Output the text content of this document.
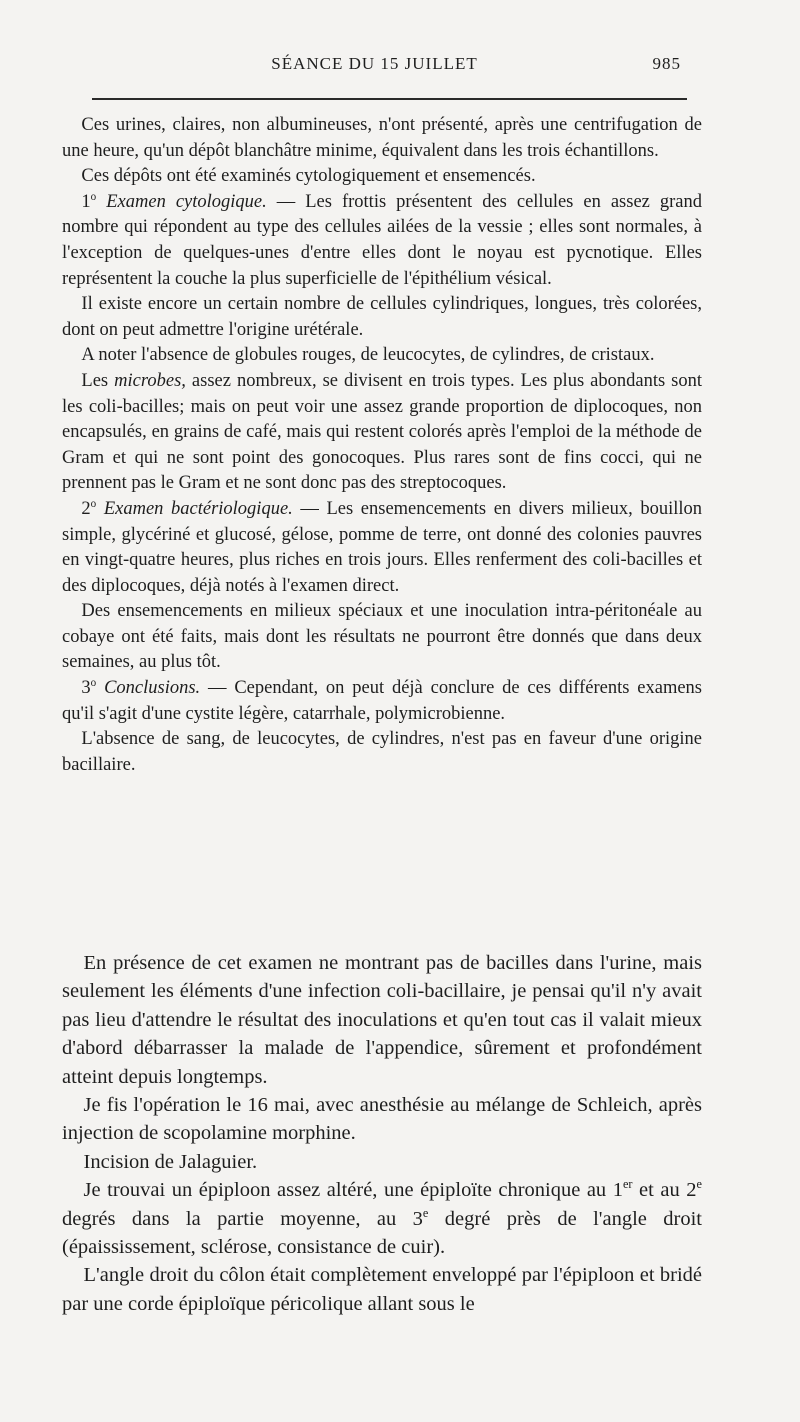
SÉANCE DU 15 JUILLET	985

Ces urines, claires, non albumineuses, n'ont présenté, après une centrifugation de une heure, qu'un dépôt blanchâtre minime, équivalent dans les trois échantillons.

Ces dépôts ont été examinés cytologiquement et ensemencés.

1$^o$ Examen cytologique. — Les frottis présentent des cellules en assez grand nombre qui répondent au type des cellules ailées de la vessie ; elles sont normales, à l'exception de quelques-unes d'entre elles dont le noyau est pycnotique. Elles représentent la couche la plus superficielle de l'épithélium vésical.

Il existe encore un certain nombre de cellules cylindriques, longues, très colorées, dont on peut admettre l'origine urétérale.

A noter l'absence de globules rouges, de leucocytes, de cylindres, de cristaux.

Les microbes, assez nombreux, se divisent en trois types. Les plus abondants sont les coli-bacilles; mais on peut voir une assez grande proportion de diplocoques, non encapsulés, en grains de café, mais qui restent colorés après l'emploi de la méthode de Gram et qui ne sont point des gonocoques. Plus rares sont de fins cocci, qui ne prennent pas le Gram et ne sont donc pas des streptocoques.

2$^o$ Examen bactériologique. — Les ensemencements en divers milieux, bouillon simple, glycériné et glucosé, gélose, pomme de terre, ont donné des colonies pauvres en vingt-quatre heures, plus riches en trois jours. Elles renferment des coli-bacilles et des diplocoques, déjà notés à l'examen direct.

Des ensemencements en milieux spéciaux et une inoculation intra-péritonéale au cobaye ont été faits, mais dont les résultats ne pourront être donnés que dans deux semaines, au plus tôt.

3$^o$ Conclusions. — Cependant, on peut déjà conclure de ces différents examens qu'il s'agit d'une cystite légère, catarrhale, polymicrobienne.

L'absence de sang, de leucocytes, de cylindres, n'est pas en faveur d'une origine bacillaire.

En présence de cet examen ne montrant pas de bacilles dans l'urine, mais seulement les éléments d'une infection coli-bacillaire, je pensai qu'il n'y avait pas lieu d'attendre le résultat des inoculations et qu'en tout cas il valait mieux d'abord débarrasser la malade de l'appendice, sûrement et profondément atteint depuis longtemps.

Je fis l'opération le 16 mai, avec anesthésie au mélange de Schleich, après injection de scopolamine morphine.

Incision de Jalaguier.

Je trouvai un épiploon assez altéré, une épiploïte chronique au 1er et au 2e degrés dans la partie moyenne, au 3e degré près de l'angle droit (épaississement, sclérose, consistance de cuir).

L'angle droit du côlon était complètement enveloppé par l'épiploon et bridé par une corde épiploïque péricolique allant sous le
